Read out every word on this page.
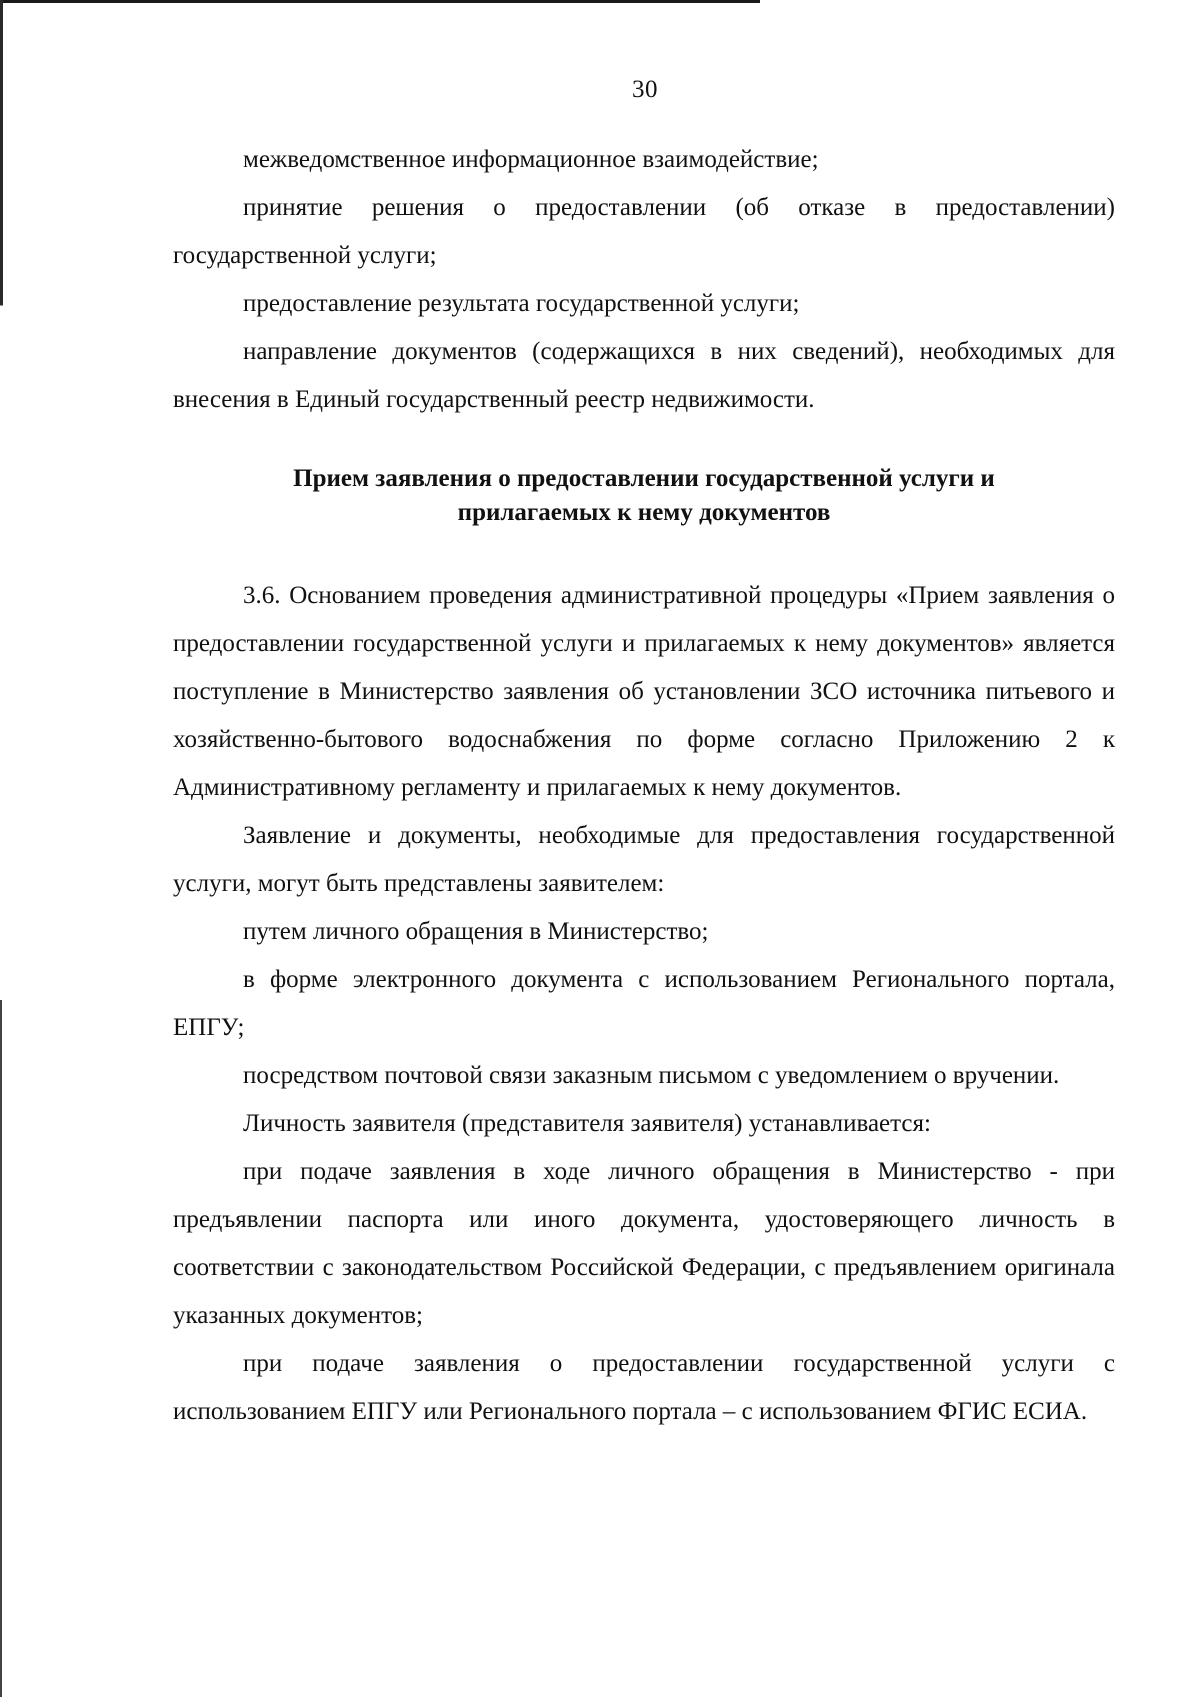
30

межведомственное информационное взаимодействие;

принятие решения о предоставлении (об отказе в предоставлении) государственной услуги;

предоставление результата государственной услуги;

направление документов (содержащихся в них сведений), необходимых для внесения в Единый государственный реестр недвижимости.

Прием заявления о предоставлении государственной услуги и
прилагаемых к нему документов

3.6. Основанием проведения административной процедуры «Прием заявления о предоставлении государственной услуги и прилагаемых к нему документов» является поступление в Министерство заявления об установлении ЗСО источника питьевого и хозяйственно-бытового водоснабжения по форме согласно Приложению 2 к Административному регламенту и прилагаемых к нему документов.

Заявление и документы, необходимые для предоставления государственной услуги, могут быть представлены заявителем:

путем личного обращения в Министерство;

в форме электронного документа с использованием Регионального портала, ЕПГУ;

посредством почтовой связи заказным письмом с уведомлением о вручении.

Личность заявителя (представителя заявителя) устанавливается:

при подаче заявления в ходе личного обращения в Министерство - при предъявлении паспорта или иного документа, удостоверяющего личность в соответствии с законодательством Российской Федерации, с предъявлением оригинала указанных документов;

при подаче заявления о предоставлении государственной услуги с использованием ЕПГУ или Регионального портала – с использованием ФГИС ЕСИА.
